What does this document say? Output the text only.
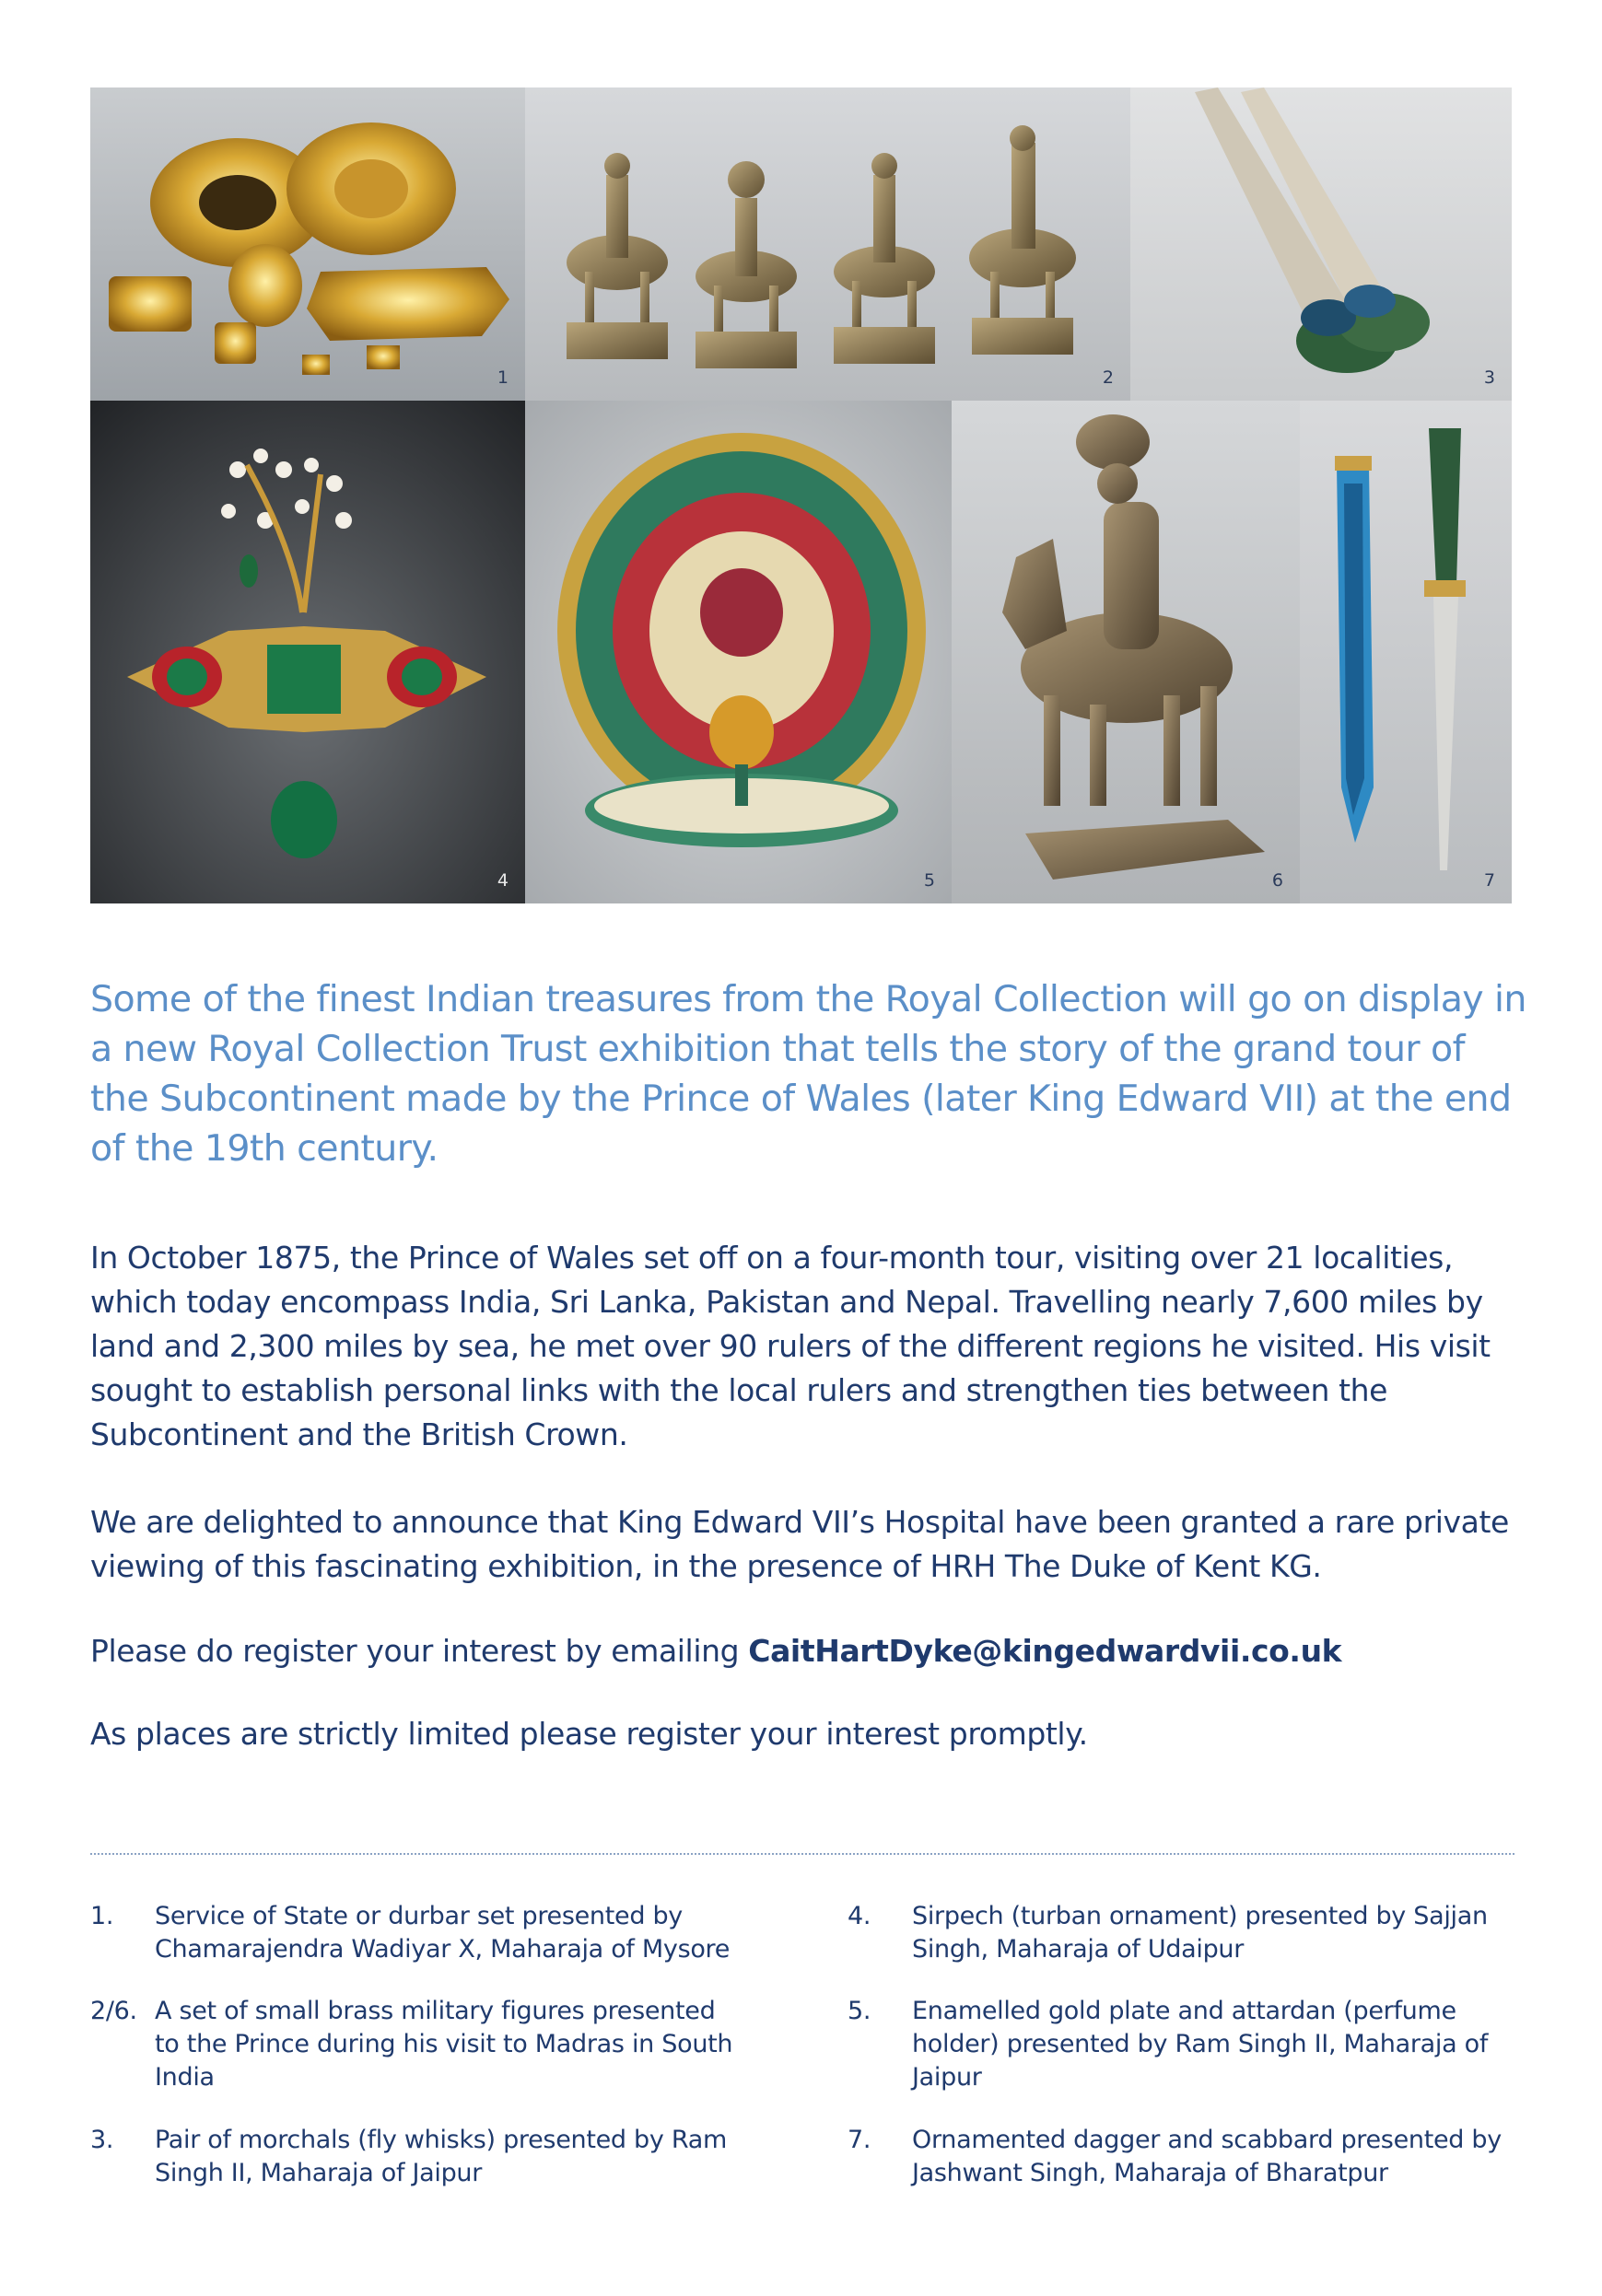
1	2	3
4	5	6	7

Some of the finest Indian treasures from the Royal Collection will go on display in a new Royal Collection Trust exhibition that tells the story of the grand tour of the Subcontinent made by the Prince of Wales (later King Edward VII) at the end of the 19th century.

In October 1875, the Prince of Wales set off on a four-month tour, visiting over 21 localities, which today encompass India, Sri Lanka, Pakistan and Nepal. Travelling nearly 7,600 miles by land and 2,300 miles by sea, he met over 90 rulers of the different regions he visited. His visit sought to establish personal links with the local rulers and strengthen ties between the Subcontinent and the British Crown.

We are delighted to announce that King Edward VII’s Hospital have been granted a rare private viewing of this fascinating exhibition, in the presence of HRH The Duke of Kent KG.

Please do register your interest by emailing CaitHartDyke@kingedwardvii.co.uk

As places are strictly limited please register your interest promptly.

1. Service of State or durbar set presented by Chamarajendra Wadiyar X, Maharaja of Mysore
2/6. A set of small brass military figures presented to the Prince during his visit to Madras in South India
3. Pair of morchals (fly whisks) presented by Ram Singh II, Maharaja of Jaipur
4. Sirpech (turban ornament) presented by Sajjan Singh, Maharaja of Udaipur
5. Enamelled gold plate and attardan (perfume holder) presented by Ram Singh II, Maharaja of Jaipur
7. Ornamented dagger and scabbard presented by Jashwant Singh, Maharaja of Bharatpur
